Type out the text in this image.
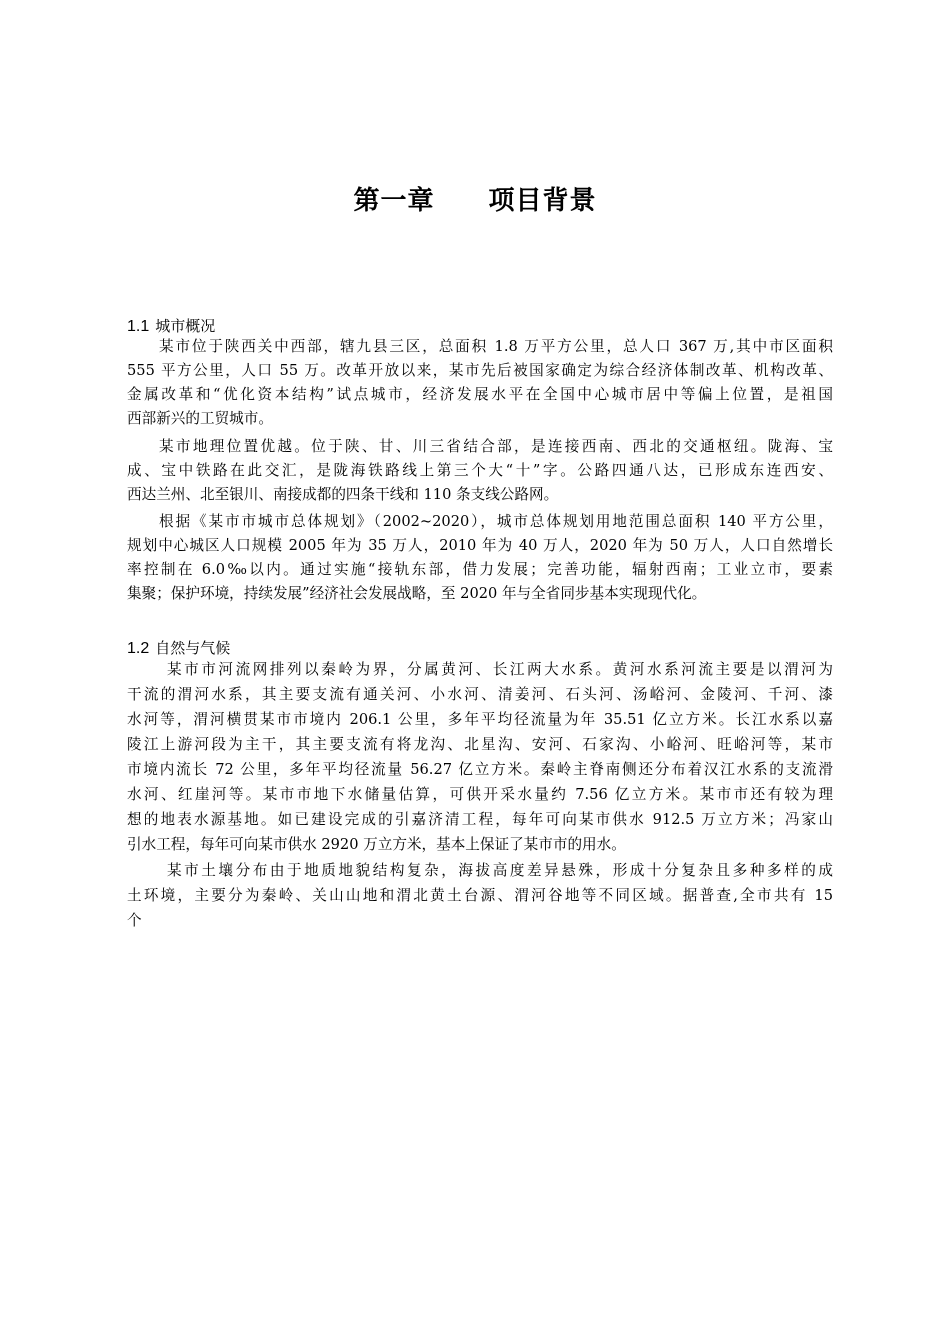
第一章　　项目背景
1.1 城市概况
某市位于陕西关中西部，辖九县三区，总面积 1.8 万平方公里，总人口 367 万,其中市区面积
555 平方公里，人口 55 万。改革开放以来，某市先后被国家确定为综合经济体制改革、机构改革、
金属改革和“优化资本结构”试点城市，经济发展水平在全国中心城市居中等偏上位置，是祖国
西部新兴的工贸城市。
某市地理位置优越。位于陕、甘、川三省结合部，是连接西南、西北的交通枢纽。陇海、宝
成、宝中铁路在此交汇，是陇海铁路线上第三个大“十”字。公路四通八达，已形成东连西安、
西达兰州、北至银川、南接成都的四条干线和 110 条支线公路网。
根据《某市市城市总体规划》（2002~2020），城市总体规划用地范围总面积 140 平方公里，
规划中心城区人口规模 2005 年为 35 万人，2010 年为 40 万人，2020 年为 50 万人，人口自然增长
率控制在 6.0‰以内。通过实施“接轨东部，借力发展；完善功能，辐射西南；工业立市，要素
集聚；保护环境，持续发展”经济社会发展战略，至 2020 年与全省同步基本实现现代化。
1.2 自然与气候
某市市河流网排列以秦岭为界，分属黄河、长江两大水系。黄河水系河流主要是以渭河为
干流的渭河水系，其主要支流有通关河、小水河、清姜河、石头河、汤峪河、金陵河、千河、漆
水河等，渭河横贯某市市境内 206.1 公里，多年平均径流量为年 35.51 亿立方米。长江水系以嘉
陵江上游河段为主干，其主要支流有将龙沟、北星沟、安河、石家沟、小峪河、旺峪河等，某市
市境内流长 72 公里，多年平均径流量 56.27 亿立方米。秦岭主脊南侧还分布着汉江水系的支流滑
水河、红崖河等。某市市地下水储量估算，可供开采水量约 7.56 亿立方米。某市市还有较为理
想的地表水源基地。如已建设完成的引嘉济清工程，每年可向某市供水 912.5 万立方米；冯家山
引水工程，每年可向某市供水 2920 万立方米，基本上保证了某市市的用水。
某市土壤分布由于地质地貌结构复杂，海拔高度差异悬殊，形成十分复杂且多种多样的成
土环境，主要分为秦岭、关山山地和渭北黄土台源、渭河谷地等不同区域。据普查,全市共有 15
个
